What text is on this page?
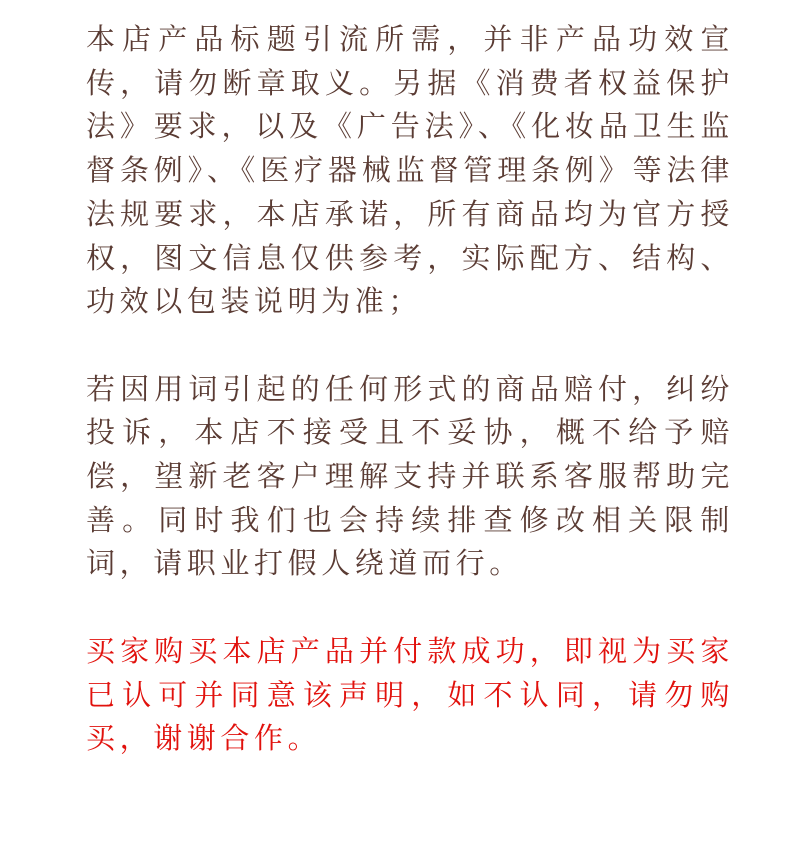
本店产品标题引流所需，并非产品功效宣传，请勿断章取义。另据《消费者权益保护法》要求，以及《广告法》、《化妆品卫生监督条例》、《医疗器械监督管理条例》等法律法规要求，本店承诺，所有商品均为官方授权，图文信息仅供参考，实际配方、结构、功效以包装说明为准；

若因用词引起的任何形式的商品赔付，纠纷投诉，本店不接受且不妥协，概不给予赔偿，望新老客户理解支持并联系客服帮助完善。同时我们也会持续排查修改相关限制词，请职业打假人绕道而行。

买家购买本店产品并付款成功，即视为买家已认可并同意该声明，如不认同，请勿购买，谢谢合作。
